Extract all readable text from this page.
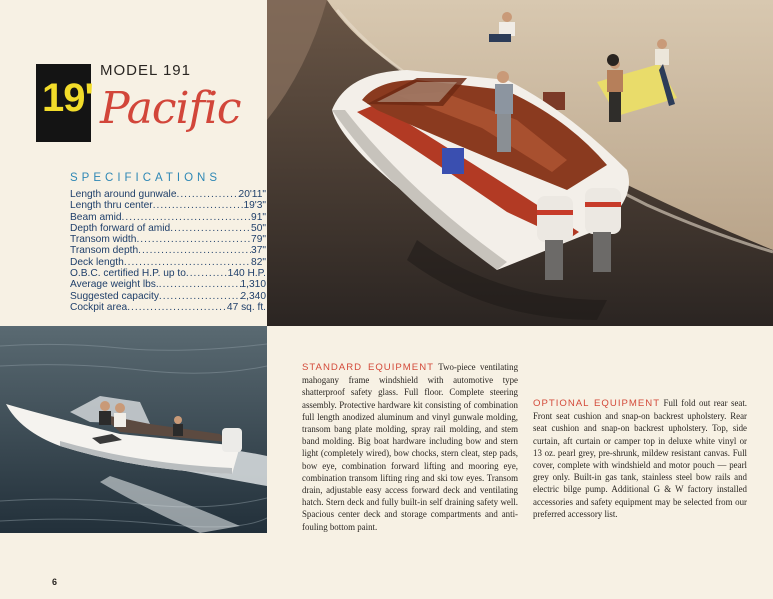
19'
MODEL 191
Pacific
SPECIFICATIONS
Length around gunwale .....	20'11"
Length thru center .....	19'3"
Beam amid .....	91"
Depth forward of amid .....	50"
Transom width .....	79"
Transom depth .....	37"
Deck length .....	82"
O.B.C. certified H.P. up to .....	140 H.P.
Average weight lbs. .....	1,310
Suggested capacity .....	2,340
Cockpit area .....	47 sq. ft.
STANDARD EQUIPMENT Two-piece ventilating mahogany frame windshield with automotive type shatterproof safety glass. Full floor. Complete steering assembly. Protective hardware kit consisting of combination full length anodized aluminum and vinyl gunwale molding, transom bang plate molding, spray rail molding, and stem band molding. Big boat hardware including bow and stern light (completely wired), bow chocks, stern cleat, step pads, bow eye, combination forward lifting and mooring eye, combination transom lifting ring and ski tow eyes. Transom drain, adjustable easy access forward deck and ventilating hatch. Stern deck and fully built-in self draining safety well. Spacious center deck and storage compartments and anti-fouling bottom paint.
OPTIONAL EQUIPMENT Full fold out rear seat. Front seat cushion and snap-on backrest upholstery. Rear seat cushion and snap-on backrest upholstery. Top, side curtain, aft curtain or camper top in deluxe white vinyl or 13 oz. pearl grey, pre-shrunk, mildew resistant canvas. Full cover, complete with windshield and motor pouch — pearl grey only. Built-in gas tank, stainless steel bow rails and electric bilge pump. Additional G & W factory installed accessories and safety equipment may be selected from our preferred accessory list.
6
